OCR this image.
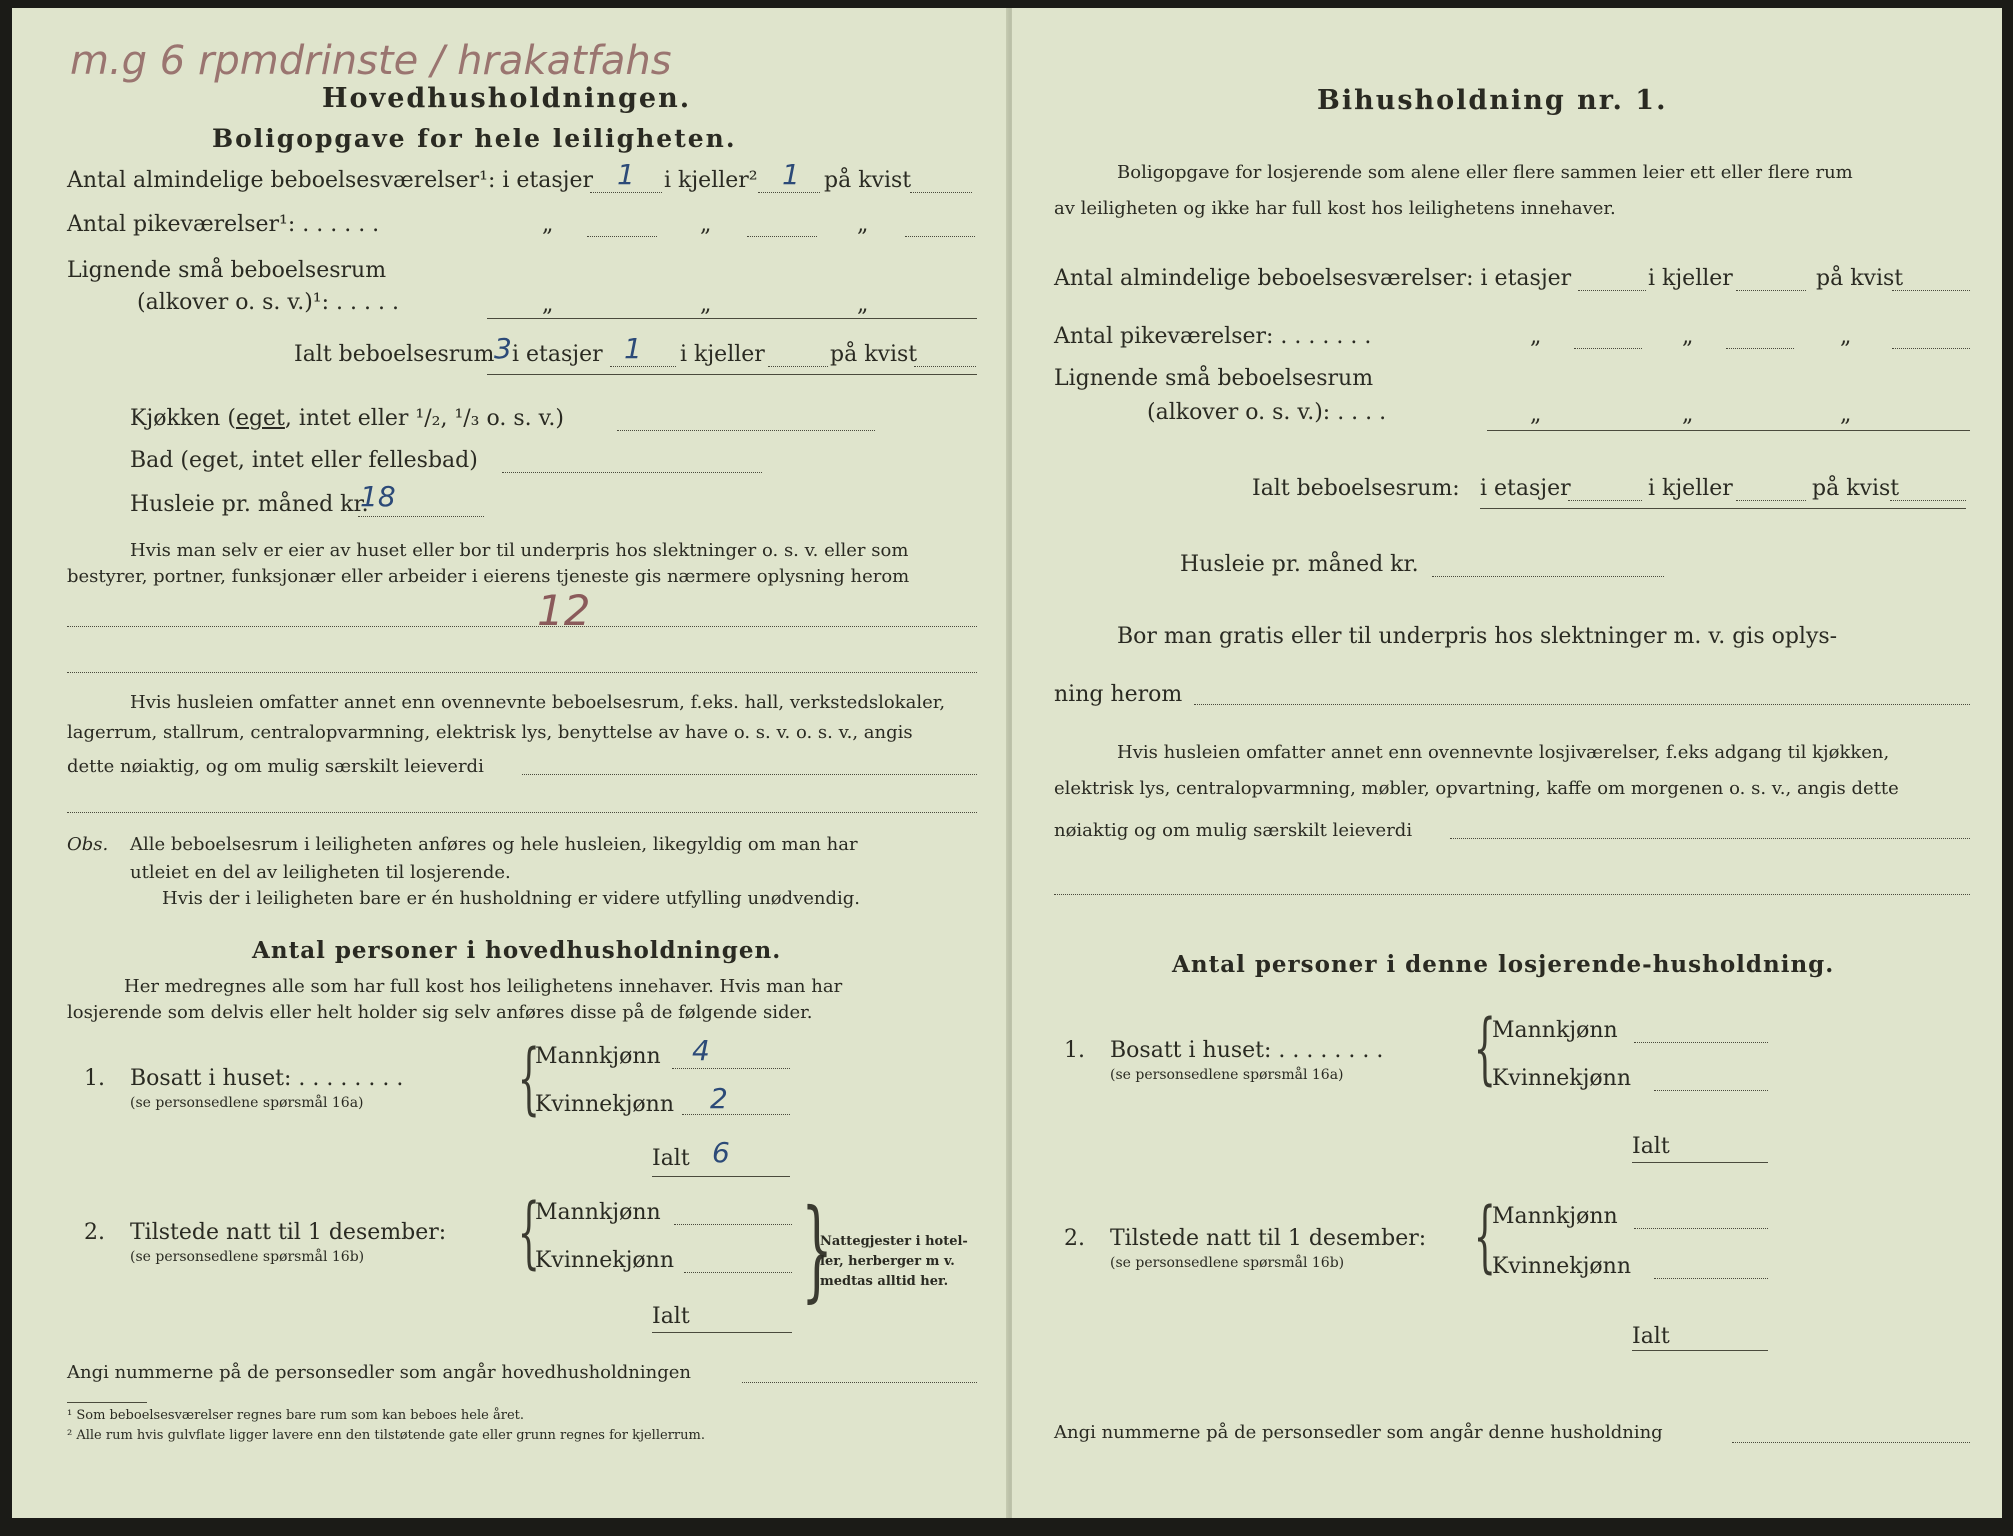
m.g 6 rpmdrinste / hrakatfahs
Hovedhusholdningen.
Boligopgave for hele leiligheten.
Antal almindelige beboelsesværelser¹: i etasjer 1 i kjeller² 1 på kvist
Antal pikeværelser¹: . . . . . .	„	„	„
Lignende små beboelsesrum
(alkover o. s. v.)¹: . . . . .	„	„	„
Ialt beboelsesrum 3 i etasjer 1 i kjeller	på kvist
Kjøkken (eget, intet eller ¹/₂, ¹/₃ o. s. v.)
Bad (eget, intet eller fellesbad)
Husleie pr. måned kr.
18
Hvis man selv er eier av huset eller bor til underpris hos slektninger o. s. v. eller som
bestyrer, portner, funksjonær eller arbeider i eierens tjeneste gis nærmere oplysning herom
12
Hvis husleien omfatter annet enn ovennevnte beboelsesrum, f.eks. hall, verkstedslokaler,
lagerrum, stallrum, centralopvarmning, elektrisk lys, benyttelse av have o. s. v. o. s. v., angis
dette nøiaktig, og om mulig særskilt leieverdi
Obs. Alle beboelsesrum i leiligheten anføres og hele husleien, likegyldig om man har
utleiet en del av leiligheten til losjerende.
Hvis der i leiligheten bare er én husholdning er videre utfylling unødvendig.
Antal personer i hovedhusholdningen.
Her medregnes alle som har full kost hos leilighetens innehaver. Hvis man har
losjerende som delvis eller helt holder sig selv anføres disse på de følgende sider.
1. Bosatt i huset: . . . . . . . .
(se personsedlene spørsmål 16a) {
Mannkjønn 4
Kvinnekjønn 2
Ialt 6
2. Tilstede natt til 1 desember:
(se personsedlene spørsmål 16b) {
Mannkjønn
Kvinnekjønn
Ialt
}
Nattegjester i hotel-
ler, herberger m v.
medtas alltid her.
Angi nummerne på de personsedler som angår hovedhusholdningen
¹ Som beboelsesværelser regnes bare rum som kan beboes hele året.
² Alle rum hvis gulvflate ligger lavere enn den tilstøtende gate eller grunn regnes for kjellerrum.
Bihusholdning nr. 1.
Boligopgave for losjerende som alene eller flere sammen leier ett eller flere rum
av leiligheten og ikke har full kost hos leilighetens innehaver.
Antal almindelige beboelsesværelser: i etasjer	i kjeller	på kvist
Antal pikeværelser: . . . . . . .	„	„	„
Lignende små beboelsesrum
(alkover o. s. v.): . . . .	„	„	„
Ialt beboelsesrum: i etasjer	i kjeller	på kvist
Husleie pr. måned kr.
Bor man gratis eller til underpris hos slektninger m. v. gis oplys-
ning herom
Hvis husleien omfatter annet enn ovennevnte losjiværelser, f.eks adgang til kjøkken,
elektrisk lys, centralopvarmning, møbler, opvartning, kaffe om morgenen o. s. v., angis dette
nøiaktig og om mulig særskilt leieverdi
Antal personer i denne losjerende-husholdning.
1. Bosatt i huset: . . . . . . . .
(se personsedlene spørsmål 16a) {
Mannkjønn
Kvinnekjønn
Ialt
2. Tilstede natt til 1 desember:
(se personsedlene spørsmål 16b) {
Mannkjønn
Kvinnekjønn
Ialt
Angi nummerne på de personsedler som angår denne husholdning
